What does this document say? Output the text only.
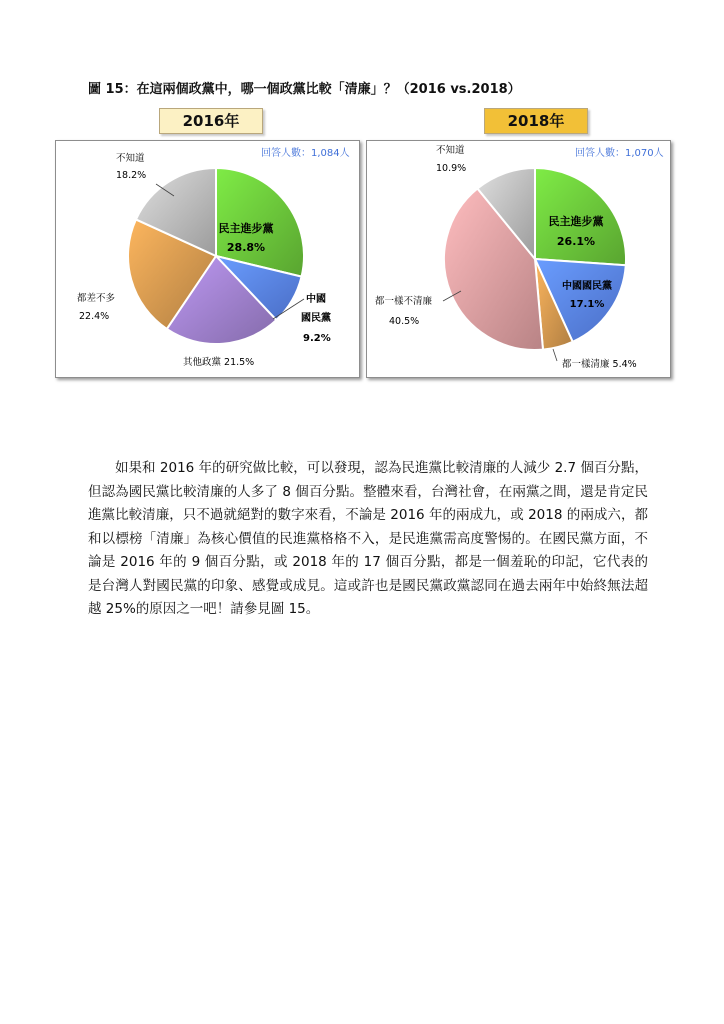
圖 15：在這兩個政黨中，哪一個政黨比較「清廉」？（2016 vs.2018）
2016年	2018年
回答人數：1,084人
民主進步黨
28.8%
中國
國民黨
9.2%
其他政黨 21.5%
都差不多
22.4%
不知道
18.2%
回答人數：1,070人
民主進步黨
26.1%
中國國民黨
17.1%
都一樣清廉 5.4%
都一樣不清廉
40.5%
不知道
10.9%
如果和 2016 年的研究做比較，可以發現，認為民進黨比較清廉的人減少 2.7 個百分點，但認為國民黨比較清廉的人多了 8 個百分點。整體來看，台灣社會，在兩黨之間，還是肯定民進黨比較清廉，只不過就絕對的數字來看，不論是 2016 年的兩成九，或 2018 的兩成六，都和以標榜「清廉」為核心價值的民進黨格格不入，是民進黨需高度警惕的。在國民黨方面，不論是 2016 年的 9 個百分點，或 2018 年的 17 個百分點，都是一個羞恥的印記，它代表的是台灣人對國民黨的印象、感覺或成見。這或許也是國民黨政黨認同在過去兩年中始終無法超越 25%的原因之一吧！請參見圖 15。
